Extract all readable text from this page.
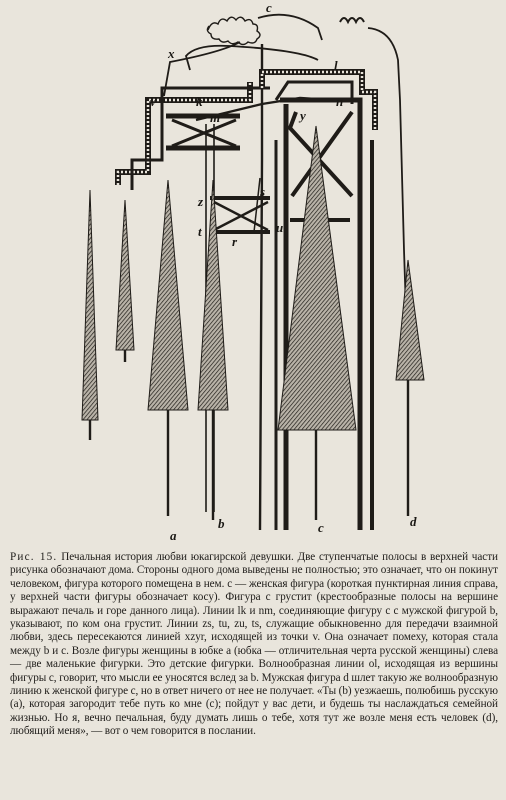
a
b	c	d
c
x
l
v	k	n
m	y
s
z
t	u
r

Рис. 15. Печальная история любви юкагирской девушки. Две ступенчатые полосы в верхней части рисунка обозначают дома. Стороны одного дома выведены не полностью; это означает, что он покинут человеком, фигура которого помещена в нем. c — женская фигура (короткая пунктирная линия справа, у верхней части фигуры обозначает косу). Фигура c грустит (крестообразные полосы на вершине выражают печаль и горе данного лица). Линии lk и nm, соединяющие фигуру c с мужской фигурой b, указывают, по ком она грустит. Линии zs, tu, zu, ts, служащие обыкновенно для передачи взаимной любви, здесь пересекаются линией xzyr, исходящей из точки v. Она означает помеху, которая стала между b и c. Возле фигуры женщины в юбке a (юбка — отличительная черта русской женщины) слева — две маленькие фигурки. Это детские фигурки. Волнообразная линии ol, исходящая из вершины фигуры c, говорит, что мысли ее уносятся вслед за b. Мужская фигура d шлет такую же волнообразную линию к женской фигуре c, но в ответ ничего от нее не получает. «Ты (b) уезжаешь, полюбишь русскую (a), которая загородит тебе путь ко мне (c); пойдут у вас дети, и будешь ты наслаждаться семейной жизнью. Но я, вечно печальная, буду думать лишь о тебе, хотя тут же возле меня есть человек (d), любящий меня», — вот о чем говорится в послании.
